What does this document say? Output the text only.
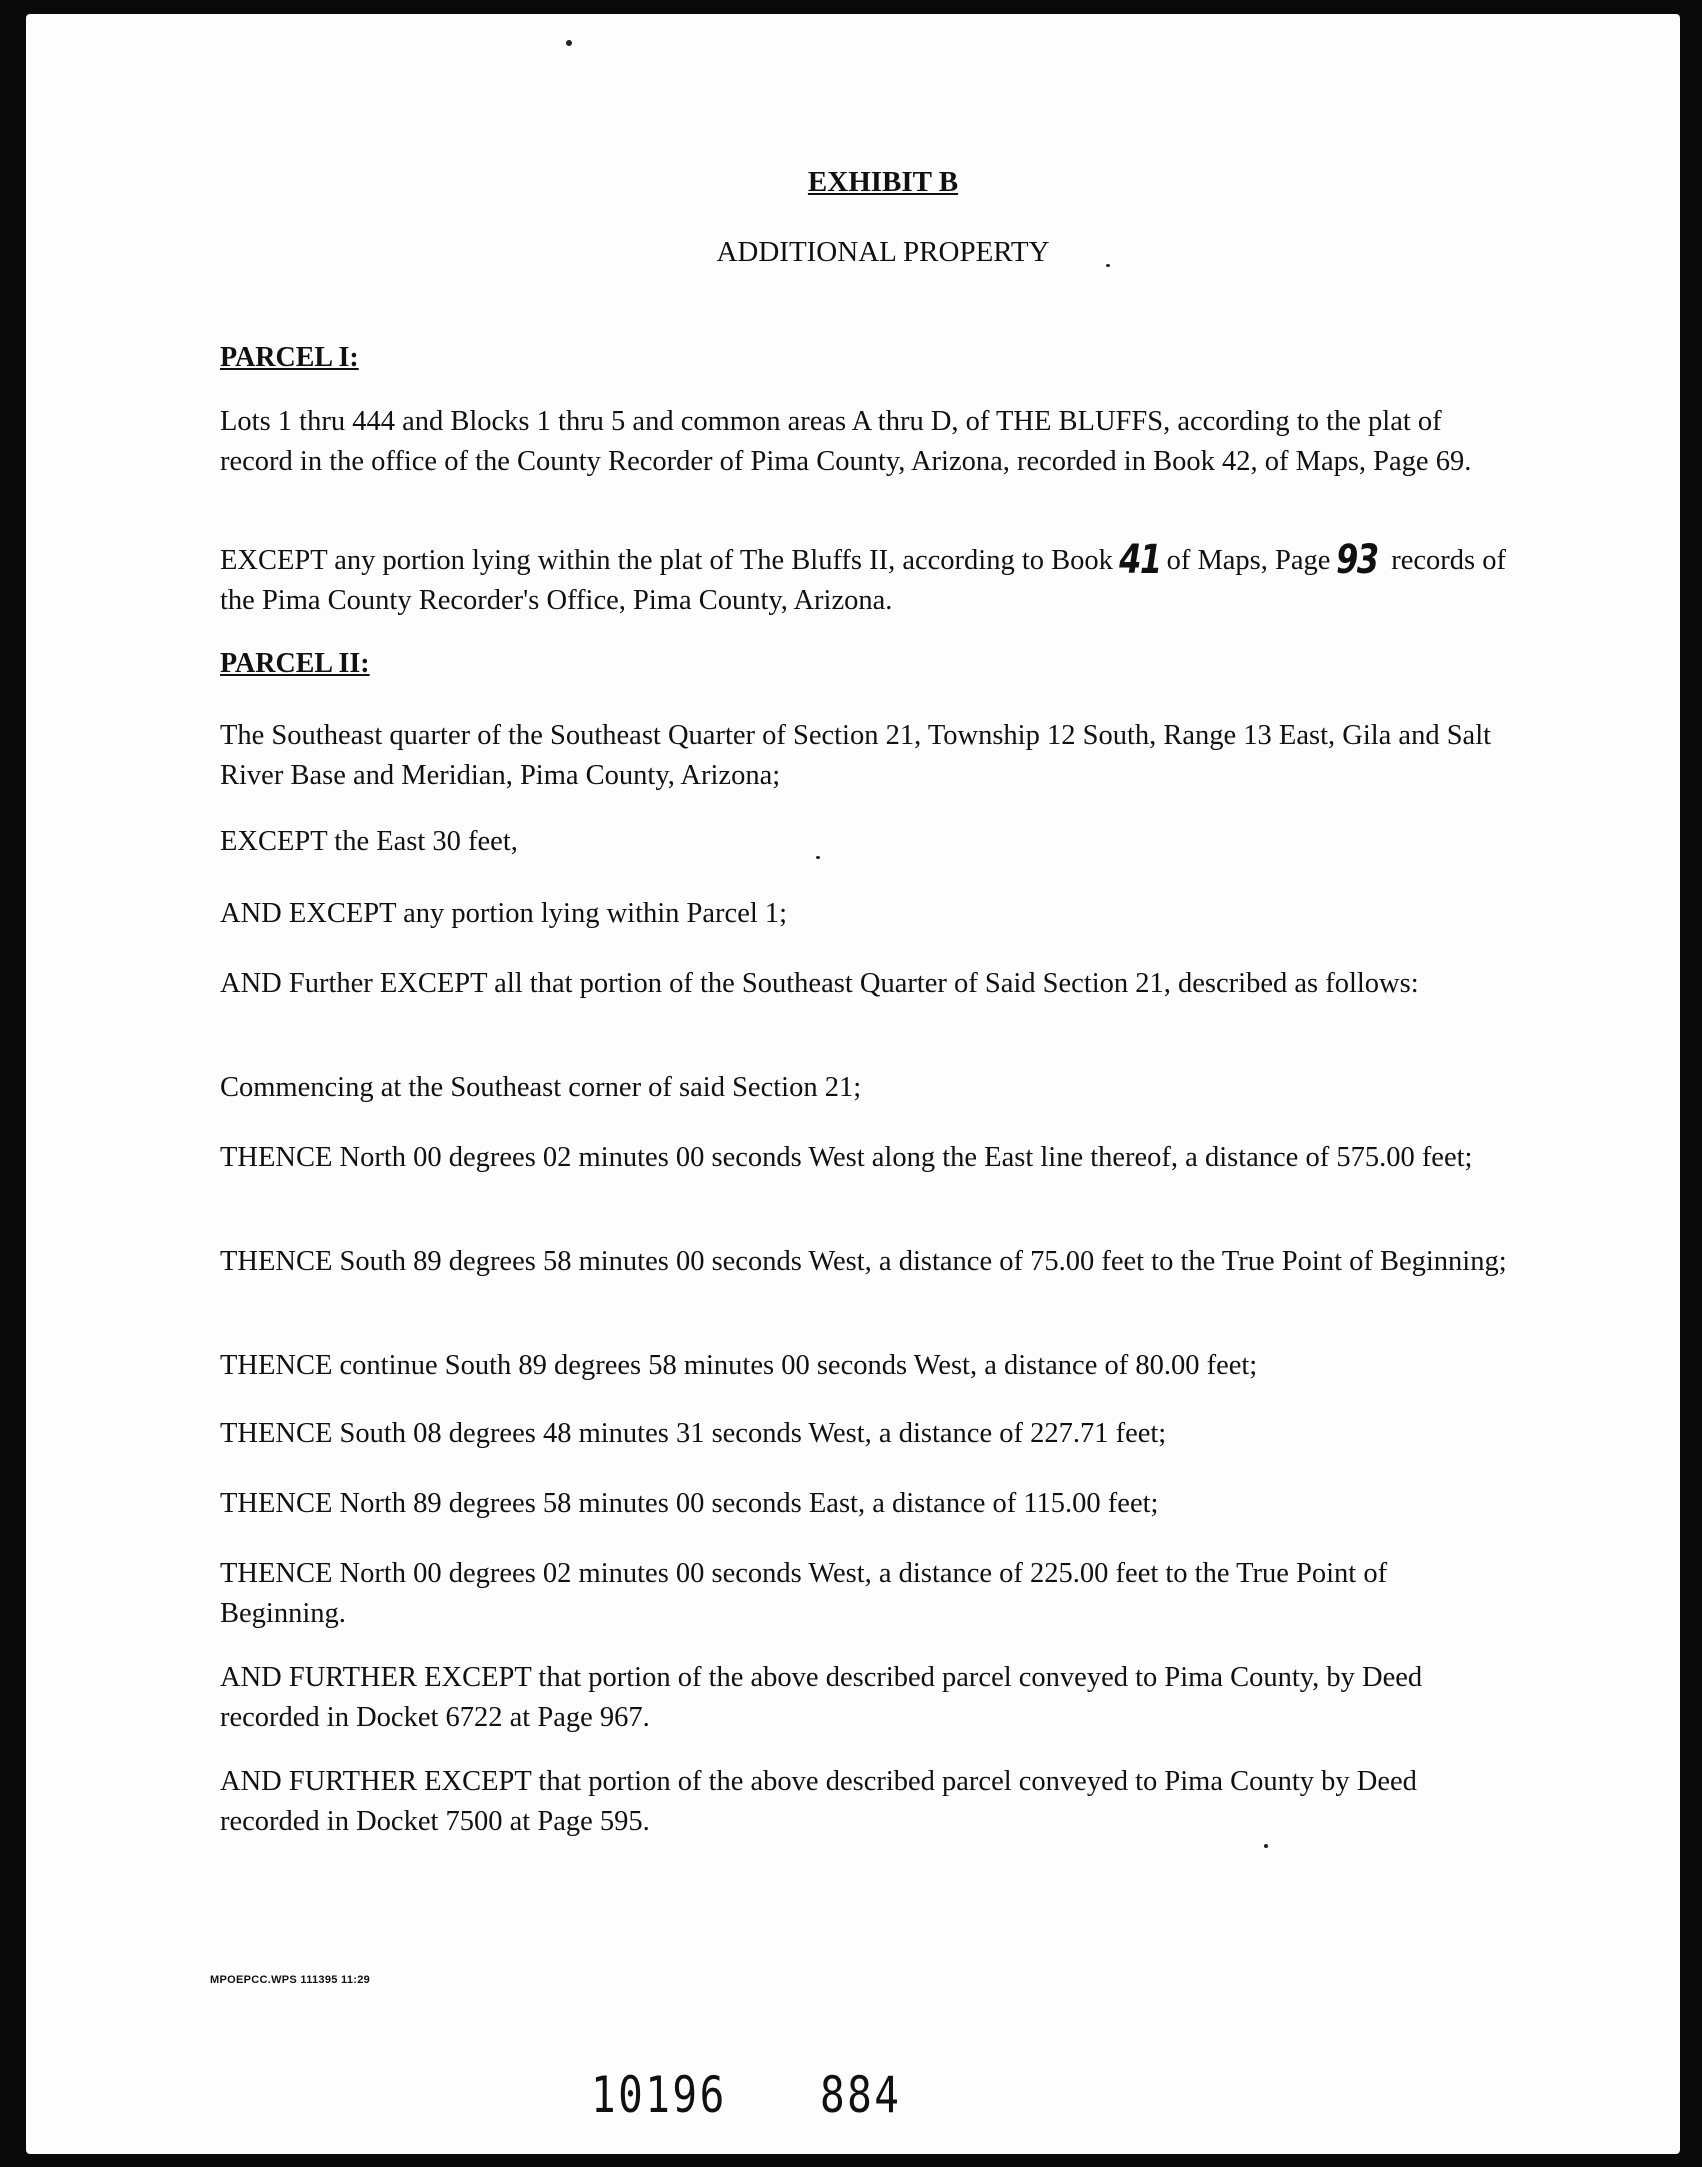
EXHIBIT B
ADDITIONAL PROPERTY
PARCEL I:
Lots 1 thru 444 and Blocks 1 thru 5 and common areas A thru D, of THE BLUFFS, according to the plat of record in the office of the County Recorder of Pima County, Arizona, recorded in Book 42, of Maps, Page 69.
EXCEPT any portion lying within the plat of The Bluffs II, according to Book 41 of Maps, Page 93 records of the Pima County Recorder's Office, Pima County, Arizona.
PARCEL II:
The Southeast quarter of the Southeast Quarter of Section 21, Township 12 South, Range 13 East, Gila and Salt River Base and Meridian, Pima County, Arizona;
EXCEPT the East 30 feet,
AND EXCEPT any portion lying within Parcel 1;
AND Further EXCEPT all that portion of the Southeast Quarter of Said Section 21, described as follows:
Commencing at the Southeast corner of said Section 21;
THENCE North 00 degrees 02 minutes 00 seconds West along the East line thereof, a distance of 575.00 feet;
THENCE South 89 degrees 58 minutes 00 seconds West, a distance of 75.00 feet to the True Point of Beginning;
THENCE continue South 89 degrees 58 minutes 00 seconds West, a distance of 80.00 feet;
THENCE South 08 degrees 48 minutes 31 seconds West, a distance of 227.71 feet;
THENCE North 89 degrees 58 minutes 00 seconds East, a distance of 115.00 feet;
THENCE North 00 degrees 02 minutes 00 seconds West, a distance of 225.00 feet to the True Point of Beginning.
AND FURTHER EXCEPT that portion of the above described parcel conveyed to Pima County, by Deed recorded in Docket 6722 at Page 967.
AND FURTHER EXCEPT that portion of the above described parcel conveyed to Pima County by Deed recorded in Docket 7500 at Page 595.
MPOEPCC.WPS 111395 11:29
10196 884
